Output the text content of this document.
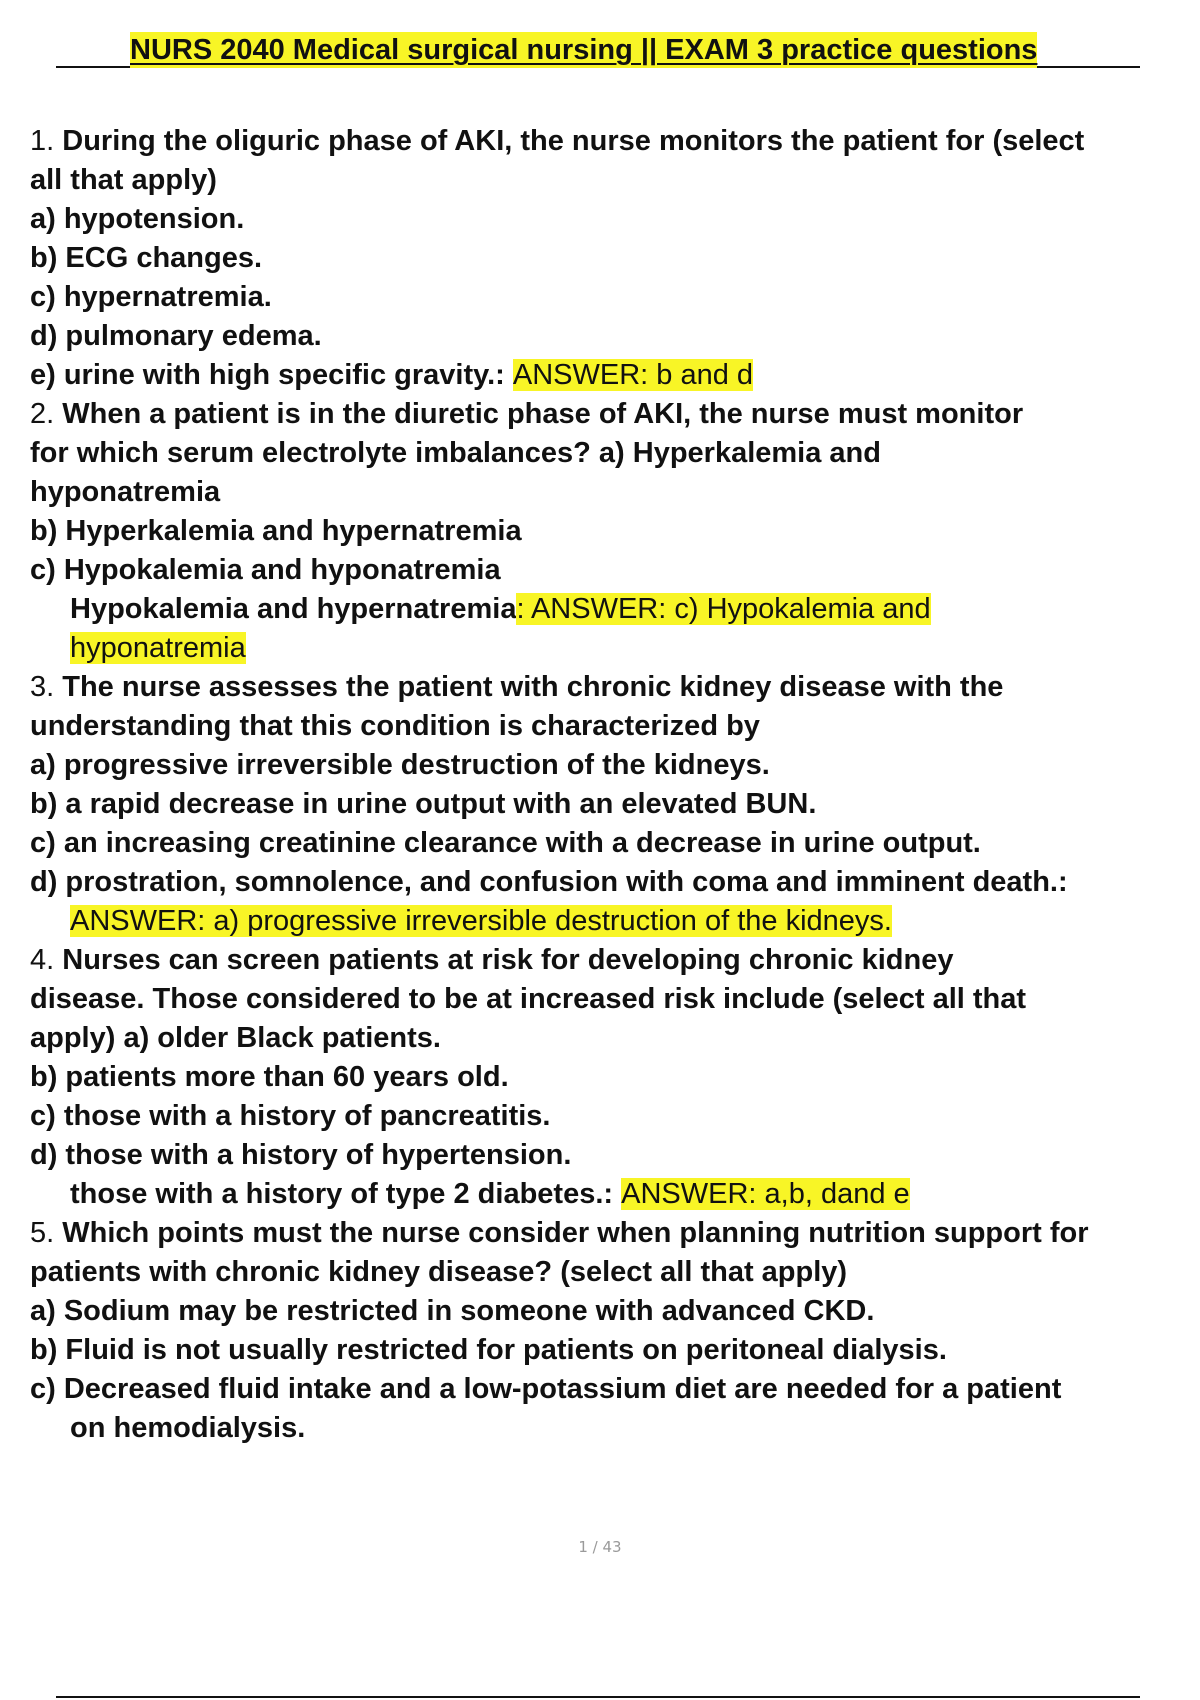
NURS 2040 Medical surgical nursing || EXAM 3 practice questions
1. During the oliguric phase of AKI, the nurse monitors the patient for (select
all that apply)
a) hypotension.
b) ECG changes.
c) hypernatremia.
d) pulmonary edema.
e) urine with high specific gravity.: ANSWER: b and d
2. When a patient is in the diuretic phase of AKI, the nurse must monitor
for which serum electrolyte imbalances? a) Hyperkalemia and
hyponatremia
b) Hyperkalemia and hypernatremia
c) Hypokalemia and hyponatremia
Hypokalemia and hypernatremia: ANSWER: c) Hypokalemia and
hyponatremia
3. The nurse assesses the patient with chronic kidney disease with the
understanding that this condition is characterized by
a) progressive irreversible destruction of the kidneys.
b) a rapid decrease in urine output with an elevated BUN.
c) an increasing creatinine clearance with a decrease in urine output.
d) prostration, somnolence, and confusion with coma and imminent death.:
ANSWER: a) progressive irreversible destruction of the kidneys.
4. Nurses can screen patients at risk for developing chronic kidney
disease. Those considered to be at increased risk include (select all that
apply) a) older Black patients.
b) patients more than 60 years old.
c) those with a history of pancreatitis.
d) those with a history of hypertension.
those with a history of type 2 diabetes.: ANSWER: a,b, dand e
5. Which points must the nurse consider when planning nutrition support for
patients with chronic kidney disease? (select all that apply)
a) Sodium may be restricted in someone with advanced CKD.
b) Fluid is not usually restricted for patients on peritoneal dialysis.
c) Decreased fluid intake and a low-potassium diet are needed for a patient
on hemodialysis.
1 / 43
